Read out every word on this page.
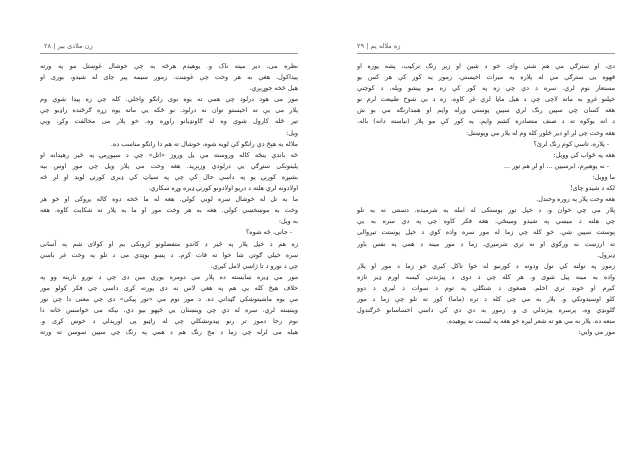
زن ملادی بیر | ۲۸
نظره می، دیر میته ناک و. یوهیدم هرځه به چې خوشال غوښتل مو په ورته
پیداکول. هغې به هر وخت چې غوښت. زموږ سیمه پیږ چای له شیدو، بوری او
هیل څخه جوړیږي.
مور می هود درلود چې همې ته یوه نوی رانګو واخلي. کله چې زه پیدا شوې وم
پلار می یې ته اخیستو توان نه درلود. نو ځکه یې ماته یوه زړه ګرځنده راډیو چې
تیر ځله کارول شوې وه له ګاونډیانو راوړه وه. خو پلار می مخالفت وکړ، ویې
ویل:
ملاله به هیڅ دي رانګو کې لویه شوه، خوشال ته هم دا رانګو مناسب ده.
څه باندې پنځه کاله وروسته مې پل وروز «اتل» چې د سپوږمۍ په څیر رهیدانه او
پلیتونکی ستړګې یې درلودې وزېږید. هغه وخت مې پلار ویل چې مور اوس بیه
بشپړه کورنۍ یو په داسې حال کې چې په سیاټ کې ډیری کورنۍ لوید او لږ څه
اولادونه لري هلته د دریو اولادونو کورنۍ ډیره وړه سکاري.
ما به تل له خوشال سره لوبې کولې. هغه له ما څخه دوه کاله یږوکی او خو هر
وخت به موښخښې کولې. هغه به هر وخت مور او ما به پلار ته شکایت کاوه. هغه
به ویل:
- جانی، څه شوه؟
زه هم د خپل پلار په څیر د کاندو متفصلونو لرونکی یم او کولای شم په آسانی
سره خپلې ګوتې شا خوا ته قات کړم. د پښو بوټدي می د تلو په وخت غږ باسي
چې د نورو د تا ژاښې لامل کیږي.
مور مې ډیره ښایسته ده پلار مې دومره یوږي مین دی چې د نورو نارینه وو په
خلاف هیڅ کله یې هم په هغې لاس نه دی پورته کړی داسې چې فکر کولو مور
مې یوه ماشیتوشکې ګڼدانې ده. د مور نوم مې «تور پیکی» دی چې معنی دا چې نور
وینښته لري. سره له دې چې وینښتان یې څپهو بیو دي. نیکه می خواسس خانه دا
نوم رحا دموز تر رنو پیدونشکلي چې له راټیو پی اوریدلي د خوښ کړی و.
هیله می لرله چې زما د مخ رنګ هم د همې په رنګ چې سپین سوسن ته ورته
زه ملاله يم | ۲۹
دی، او سترګې مې هم شنې وای. خو د شین او زیږ رنګ ترکیب، پشه پوزه او
قهوه یی سترګې مې له پلاره یه میراث اخیستي. زموږ په کور کې هر کس یو
مستعار نوم لري. سره د دې چې زه په کور کې زه مو پیشو ویله، د کوچنې
خپلنو غږو به ماته لاچی چې د هیل ماڼا لري غږ کاوه. زه د بې شوخ طبیعت لرم نو
هغه کسان چې سپین رنګ لري سپین پوستي وږله واپم او همدارنګه مې بو ش
د انه یوکوه ته د صنف متصادره کشم وایم. په کور کې مو پلار (نیاسته دانه) باله.
هغه وخت چې لږ او دیر ځلوږ کله وم له پلار مي وپوښتل:
- پلاره، تاسې کوم رنګ لرئ؟
هغه په ځواب کې وویل:
- نه پوهیږم، ابرسپین ... او لږ هم تور ...
ما وویل:
لکه د شیدو چای!
هغه وخت پلار په زوره وخندل.
پلار مې چې خوان و، د خپل تور پوستکی له امله به شرمیده. دسنتی ته به تلو
چې هلته د میښې په شیدو ومینځي. هغه فکر کاوه چې په دې سره به یې
پوستت سپین شي. خو کله چې زما له مور سره واده کوي د خپل پوستت تیږوالی
ته ارزښت نه ورکوي او نه ترې شرمیږي، زما د مور مینه د همې په نفس باور
ډیرول.
زموږ په تولنه کې تول ودونه د کورنیو له خوا تاکل کیږي خو زما د مور او پلار
واده به مینه پیل شوی و. هر کله چې د دوی د پیژندنې کیسه اورم ډیر تازه
کیږم او خوند تري اخلم. همغوی د شنګلې په توم د سوات د لیرې د دوو
کلو اوسیدونکي و. پلار به مې چې کله د تره (ماما) کور ته تلو چې زما د مور
ګلونډې وه، پرسره پیژندلي ی و. زموږ به دي دې کې داسې اخساسانو څرګندول
منعه ده. پلار به مې هو ته شعر لیږه خو هغه په لیست نه پوهیده.
مور مې وایي:
